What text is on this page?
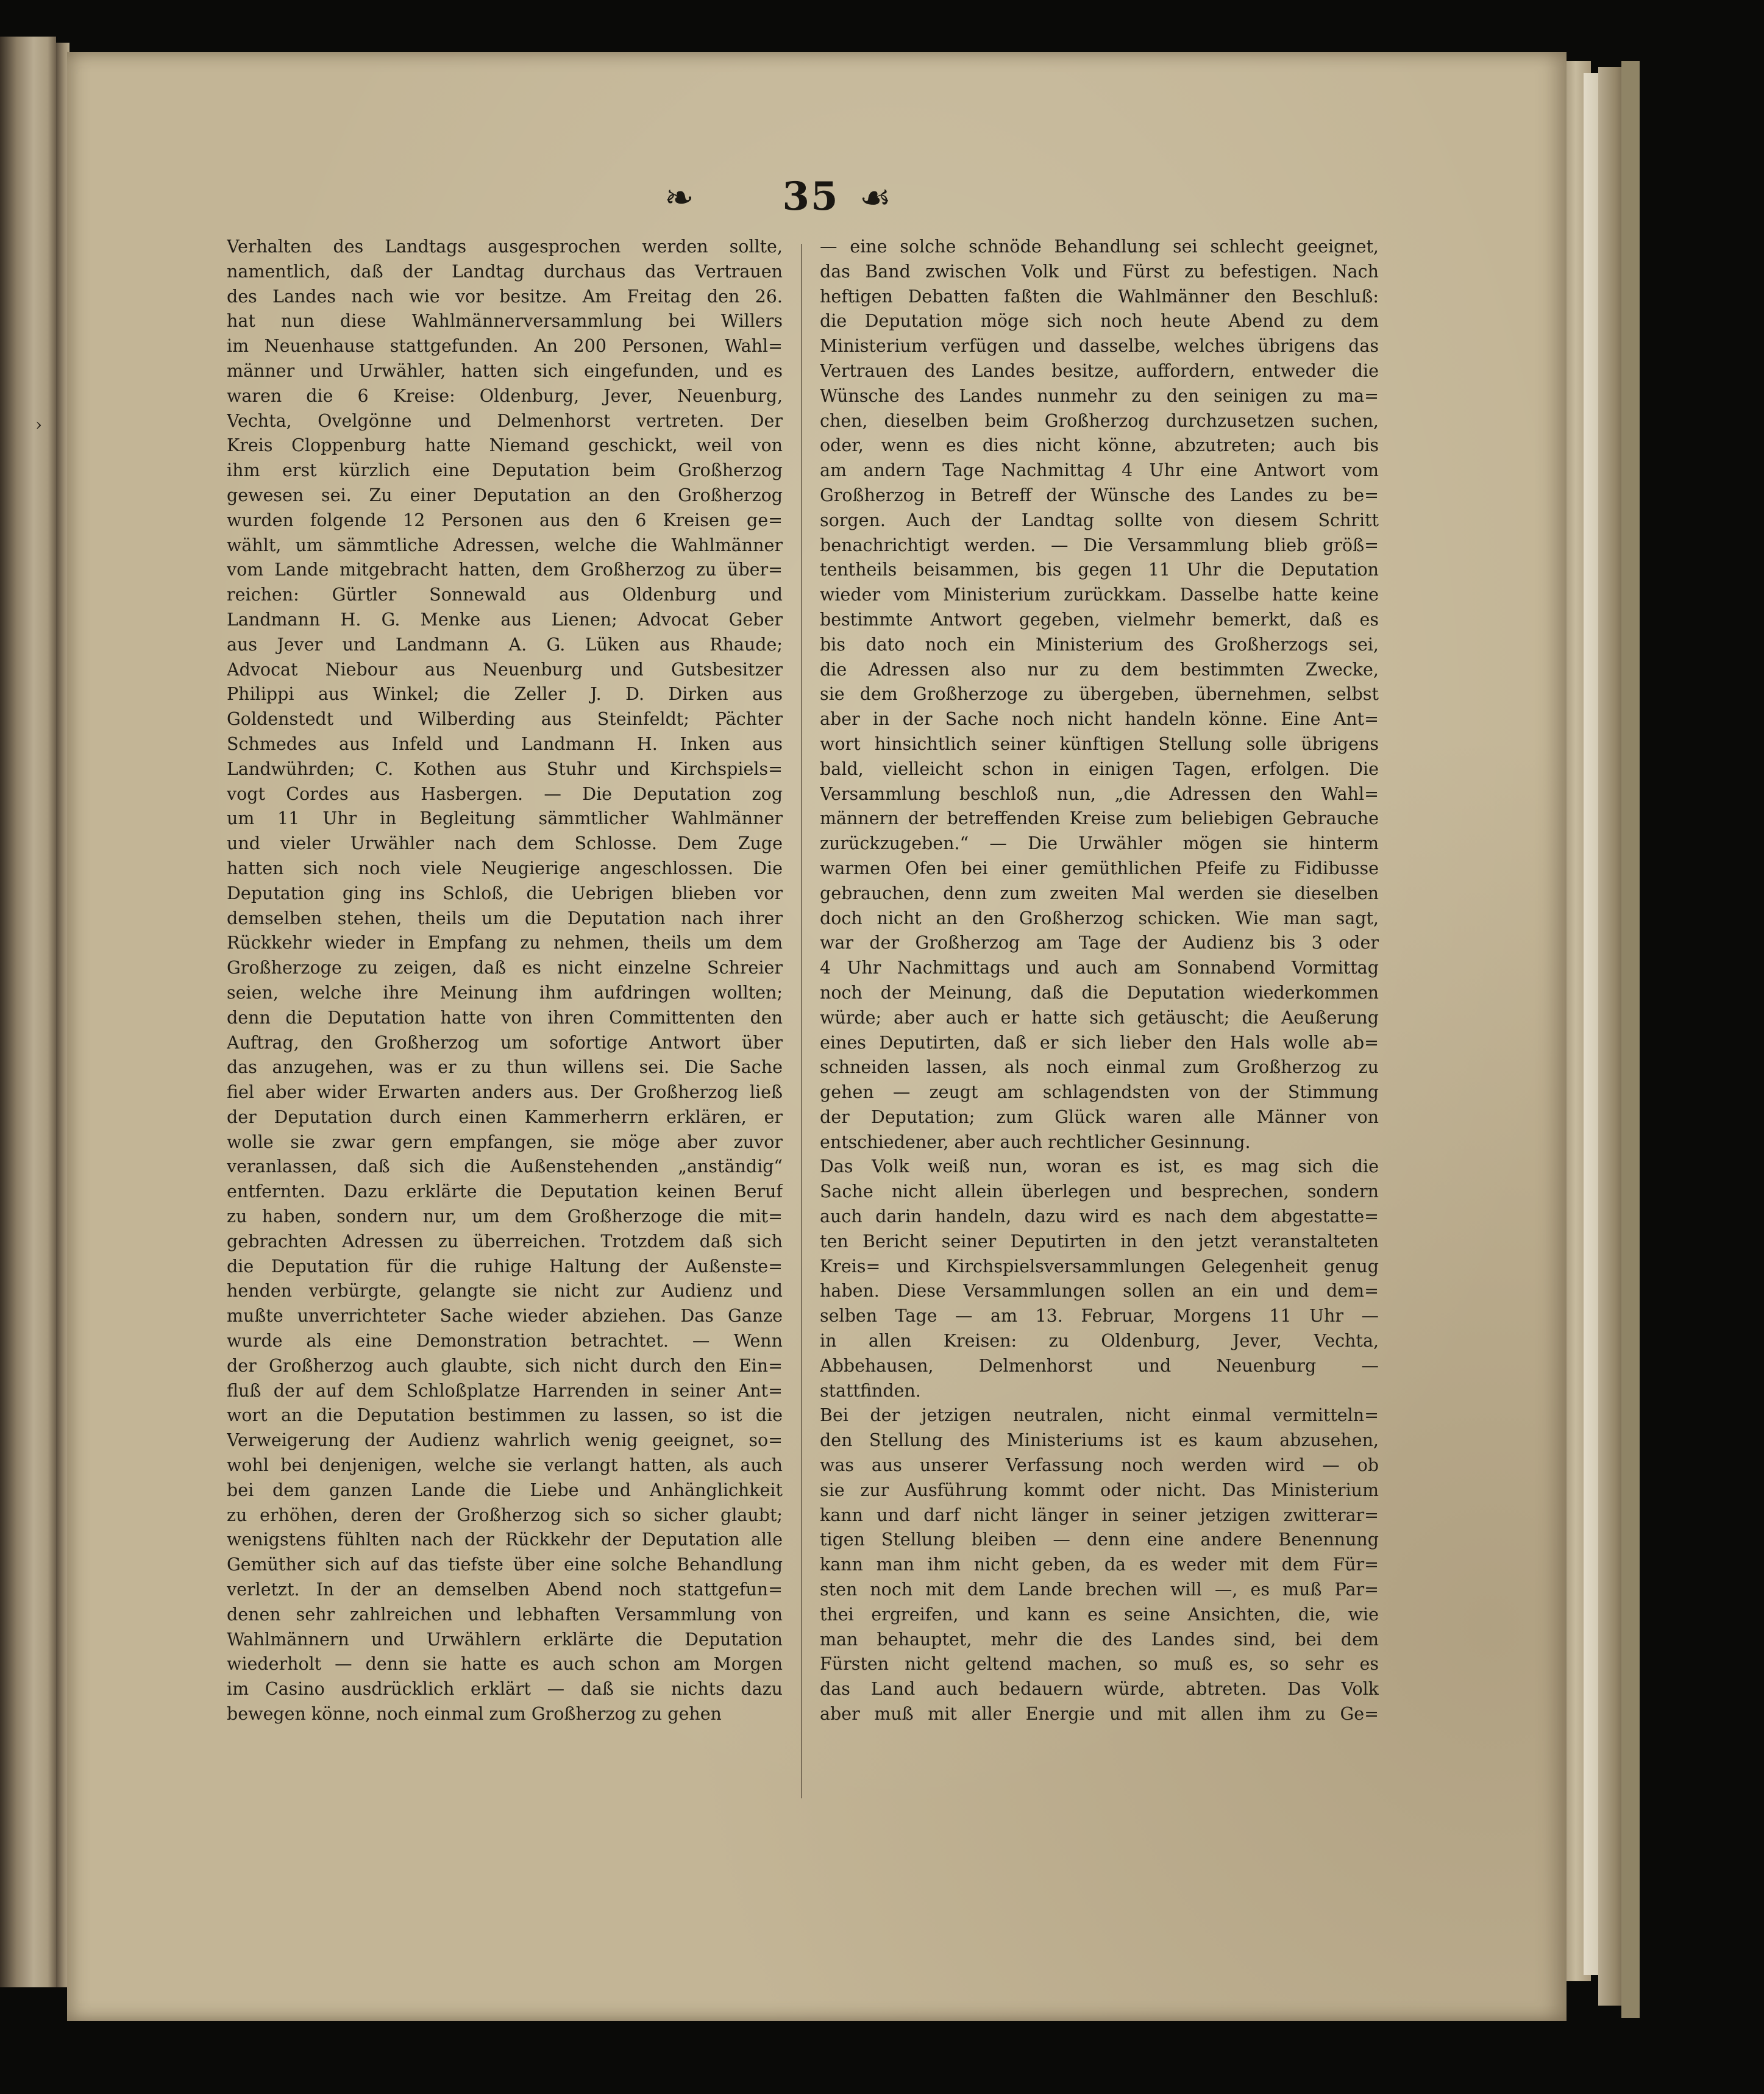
›
❧	35 ☙
Verhalten des Landtags ausgesprochen werden sollte,
namentlich, daß der Landtag durchaus das Vertrauen
des Landes nach wie vor besitze. Am Freitag den 26.
hat nun diese Wahlmännerversammlung bei Willers
im Neuenhause stattgefunden. An 200 Personen, Wahl=
männer und Urwähler, hatten sich eingefunden, und es
waren die 6 Kreise: Oldenburg, Jever, Neuenburg,
Vechta, Ovelgönne und Delmenhorst vertreten. Der
Kreis Cloppenburg hatte Niemand geschickt, weil von
ihm erst kürzlich eine Deputation beim Großherzog
gewesen sei. Zu einer Deputation an den Großherzog
wurden folgende 12 Personen aus den 6 Kreisen ge=
wählt, um sämmtliche Adressen, welche die Wahlmänner
vom Lande mitgebracht hatten, dem Großherzog zu über=
reichen: Gürtler Sonnewald aus Oldenburg und
Landmann H. G. Menke aus Lienen; Advocat Geber
aus Jever und Landmann A. G. Lüken aus Rhaude;
Advocat Niebour aus Neuenburg und Gutsbesitzer
Philippi aus Winkel; die Zeller J. D. Dirken aus
Goldenstedt und Wilberding aus Steinfeldt; Pächter
Schmedes aus Infeld und Landmann H. Inken aus
Landwührden; C. Kothen aus Stuhr und Kirchspiels=
vogt Cordes aus Hasbergen. — Die Deputation zog
um 11 Uhr in Begleitung sämmtlicher Wahlmänner
und vieler Urwähler nach dem Schlosse. Dem Zuge
hatten sich noch viele Neugierige angeschlossen. Die
Deputation ging ins Schloß, die Uebrigen blieben vor
demselben stehen, theils um die Deputation nach ihrer
Rückkehr wieder in Empfang zu nehmen, theils um dem
Großherzoge zu zeigen, daß es nicht einzelne Schreier
seien, welche ihre Meinung ihm aufdringen wollten;
denn die Deputation hatte von ihren Committenten den
Auftrag, den Großherzog um sofortige Antwort über
das anzugehen, was er zu thun willens sei. Die Sache
fiel aber wider Erwarten anders aus. Der Großherzog ließ
der Deputation durch einen Kammerherrn erklären, er
wolle sie zwar gern empfangen, sie möge aber zuvor
veranlassen, daß sich die Außenstehenden „anständig“
entfernten. Dazu erklärte die Deputation keinen Beruf
zu haben, sondern nur, um dem Großherzoge die mit=
gebrachten Adressen zu überreichen. Trotzdem daß sich
die Deputation für die ruhige Haltung der Außenste=
henden verbürgte, gelangte sie nicht zur Audienz und
mußte unverrichteter Sache wieder abziehen. Das Ganze
wurde als eine Demonstration betrachtet. — Wenn
der Großherzog auch glaubte, sich nicht durch den Ein=
fluß der auf dem Schloßplatze Harrenden in seiner Ant=
wort an die Deputation bestimmen zu lassen, so ist die
Verweigerung der Audienz wahrlich wenig geeignet, so=
wohl bei denjenigen, welche sie verlangt hatten, als auch
bei dem ganzen Lande die Liebe und Anhänglichkeit
zu erhöhen, deren der Großherzog sich so sicher glaubt;
wenigstens fühlten nach der Rückkehr der Deputation alle
Gemüther sich auf das tiefste über eine solche Behandlung
verletzt. In der an demselben Abend noch stattgefun=
denen sehr zahlreichen und lebhaften Versammlung von
Wahlmännern und Urwählern erklärte die Deputation
wiederholt — denn sie hatte es auch schon am Morgen
im Casino ausdrücklich erklärt — daß sie nichts dazu
bewegen könne, noch einmal zum Großherzog zu gehen
— eine solche schnöde Behandlung sei schlecht geeignet,
das Band zwischen Volk und Fürst zu befestigen. Nach
heftigen Debatten faßten die Wahlmänner den Beschluß:
die Deputation möge sich noch heute Abend zu dem
Ministerium verfügen und dasselbe, welches übrigens das
Vertrauen des Landes besitze, auffordern, entweder die
Wünsche des Landes nunmehr zu den seinigen zu ma=
chen, dieselben beim Großherzog durchzusetzen suchen,
oder, wenn es dies nicht könne, abzutreten; auch bis
am andern Tage Nachmittag 4 Uhr eine Antwort vom
Großherzog in Betreff der Wünsche des Landes zu be=
sorgen. Auch der Landtag sollte von diesem Schritt
benachrichtigt werden. — Die Versammlung blieb größ=
tentheils beisammen, bis gegen 11 Uhr die Deputation
wieder vom Ministerium zurückkam. Dasselbe hatte keine
bestimmte Antwort gegeben, vielmehr bemerkt, daß es
bis dato noch ein Ministerium des Großherzogs sei,
die Adressen also nur zu dem bestimmten Zwecke,
sie dem Großherzoge zu übergeben, übernehmen, selbst
aber in der Sache noch nicht handeln könne. Eine Ant=
wort hinsichtlich seiner künftigen Stellung solle übrigens
bald, vielleicht schon in einigen Tagen, erfolgen. Die
Versammlung beschloß nun, „die Adressen den Wahl=
männern der betreffenden Kreise zum beliebigen Gebrauche
zurückzugeben.“ — Die Urwähler mögen sie hinterm
warmen Ofen bei einer gemüthlichen Pfeife zu Fidibusse
gebrauchen, denn zum zweiten Mal werden sie dieselben
doch nicht an den Großherzog schicken. Wie man sagt,
war der Großherzog am Tage der Audienz bis 3 oder
4 Uhr Nachmittags und auch am Sonnabend Vormittag
noch der Meinung, daß die Deputation wiederkommen
würde; aber auch er hatte sich getäuscht; die Aeußerung
eines Deputirten, daß er sich lieber den Hals wolle ab=
schneiden lassen, als noch einmal zum Großherzog zu
gehen — zeugt am schlagendsten von der Stimmung
der Deputation; zum Glück waren alle Männer von
entschiedener, aber auch rechtlicher Gesinnung.
Das Volk weiß nun, woran es ist, es mag sich die
Sache nicht allein überlegen und besprechen, sondern
auch darin handeln, dazu wird es nach dem abgestatte=
ten Bericht seiner Deputirten in den jetzt veranstalteten
Kreis= und Kirchspielsversammlungen Gelegenheit genug
haben. Diese Versammlungen sollen an ein und dem=
selben Tage — am 13. Februar, Morgens 11 Uhr —
in allen Kreisen: zu Oldenburg, Jever, Vechta,
Abbehausen, Delmenhorst und Neuenburg —
stattfinden.
Bei der jetzigen neutralen, nicht einmal vermitteln=
den Stellung des Ministeriums ist es kaum abzusehen,
was aus unserer Verfassung noch werden wird — ob
sie zur Ausführung kommt oder nicht. Das Ministerium
kann und darf nicht länger in seiner jetzigen zwitterar=
tigen Stellung bleiben — denn eine andere Benennung
kann man ihm nicht geben, da es weder mit dem Für=
sten noch mit dem Lande brechen will —, es muß Par=
thei ergreifen, und kann es seine Ansichten, die, wie
man behauptet, mehr die des Landes sind, bei dem
Fürsten nicht geltend machen, so muß es, so sehr es
das Land auch bedauern würde, abtreten. Das Volk
aber muß mit aller Energie und mit allen ihm zu Ge=
